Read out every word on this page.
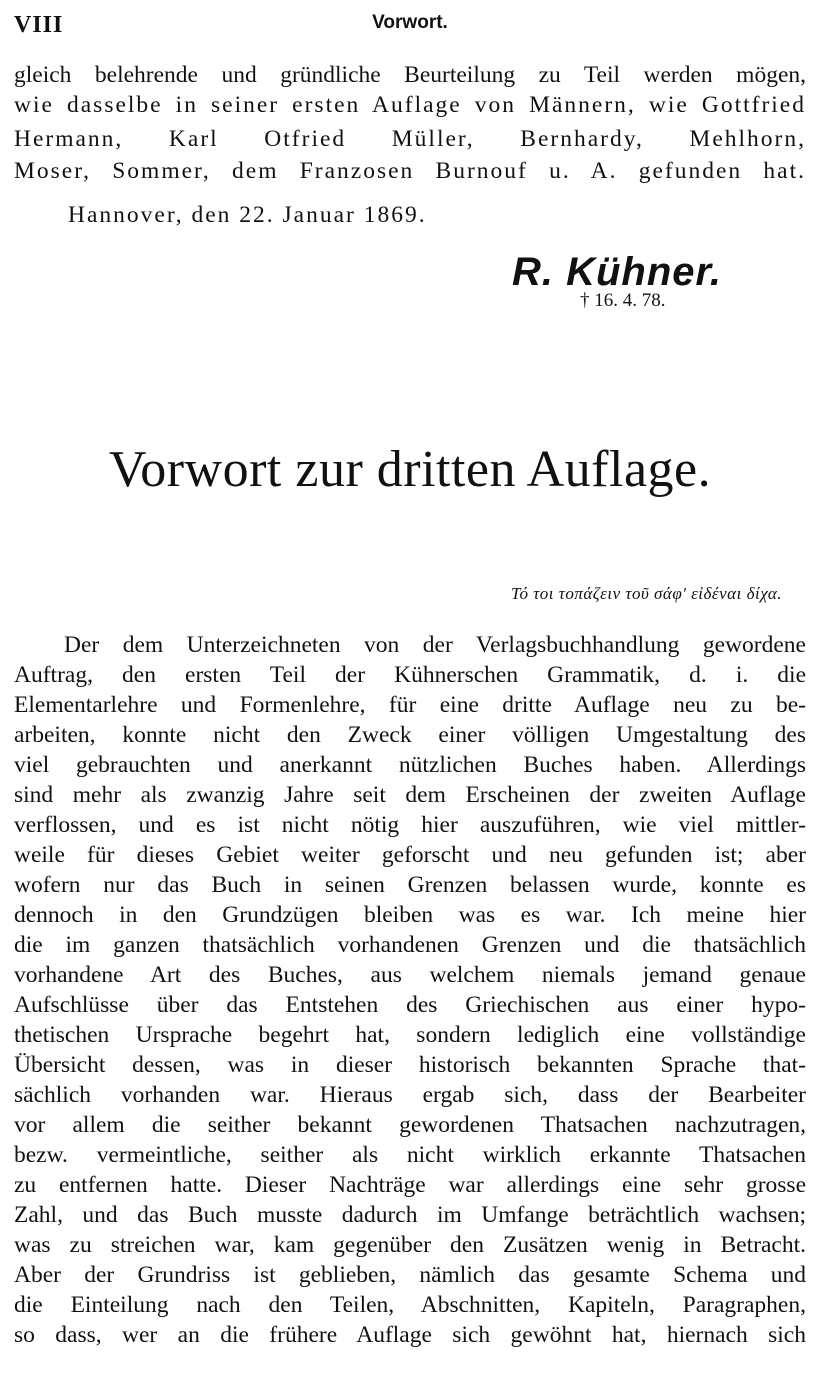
VIII	Vorwort.
gleich belehrende und gründliche Beurteilung zu Teil werden mögen,
wie dasselbe in seiner ersten Auflage von Männern, wie Gottfried
Hermann, Karl Otfried Müller, Bernhardy, Mehlhorn,
Moser, Sommer, dem Franzosen Burnouf u. A. gefunden hat.
Hannover, den 22. Januar 1869.
R. Kühner.
† 16. 4. 78.
Vorwort zur dritten Auflage.
Τό τοι τοπάζειν τοῦ σάφ' εἰδέναι δίχα.
Der dem Unterzeichneten von der Verlagsbuchhandlung gewordene
Auftrag, den ersten Teil der Kühnerschen Grammatik, d. i. die
Elementarlehre und Formenlehre, für eine dritte Auflage neu zu be-
arbeiten, konnte nicht den Zweck einer völligen Umgestaltung des
viel gebrauchten und anerkannt nützlichen Buches haben. Allerdings
sind mehr als zwanzig Jahre seit dem Erscheinen der zweiten Auflage
verflossen, und es ist nicht nötig hier auszuführen, wie viel mittler-
weile für dieses Gebiet weiter geforscht und neu gefunden ist; aber
wofern nur das Buch in seinen Grenzen belassen wurde, konnte es
dennoch in den Grundzügen bleiben was es war. Ich meine hier
die im ganzen thatsächlich vorhandenen Grenzen und die thatsächlich
vorhandene Art des Buches, aus welchem niemals jemand genaue
Aufschlüsse über das Entstehen des Griechischen aus einer hypo-
thetischen Ursprache begehrt hat, sondern lediglich eine vollständige
Übersicht dessen, was in dieser historisch bekannten Sprache that-
sächlich vorhanden war. Hieraus ergab sich, dass der Bearbeiter
vor allem die seither bekannt gewordenen Thatsachen nachzutragen,
bezw. vermeintliche, seither als nicht wirklich erkannte Thatsachen
zu entfernen hatte. Dieser Nachträge war allerdings eine sehr grosse
Zahl, und das Buch musste dadurch im Umfange beträchtlich wachsen;
was zu streichen war, kam gegenüber den Zusätzen wenig in Betracht.
Aber der Grundriss ist geblieben, nämlich das gesamte Schema und
die Einteilung nach den Teilen, Abschnitten, Kapiteln, Paragraphen,
so dass, wer an die frühere Auflage sich gewöhnt hat, hiernach sich
